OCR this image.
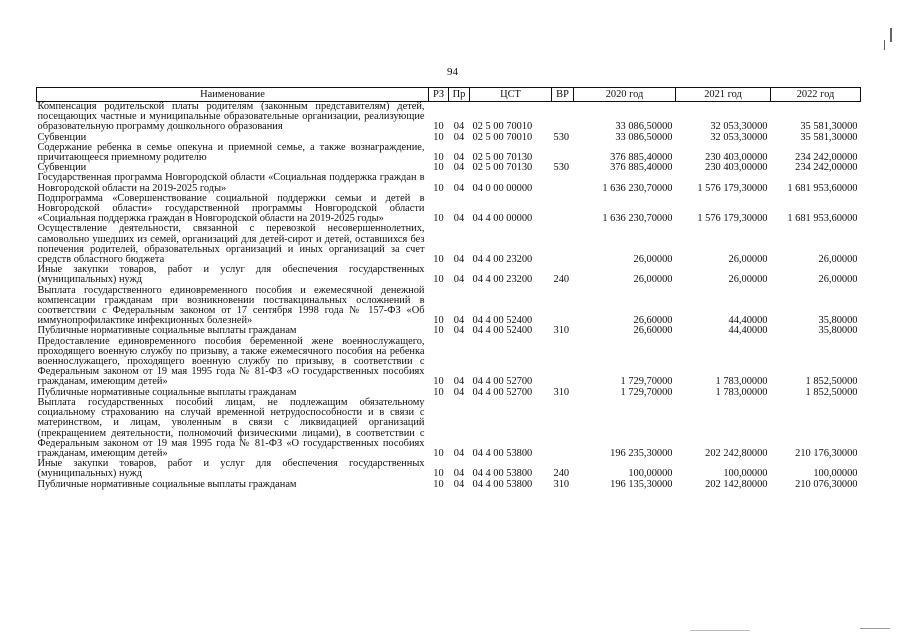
94
Наименование	РЗ	Пр	ЦСТ	ВР	2020 год	2021 год	2022 год
Компенсация родительской платы родителям (законным представителям) детей, посещающих частные и муниципальные образовательные организации, реализующие образовательную программу дошкольного образования	10	04	02 5 00 70010		33 086,50000	32 053,30000	35 581,30000
Субвенции	10	04	02 5 00 70010	530	33 086,50000	32 053,30000	35 581,30000
Содержание ребенка в семье опекуна и приемной семье, а также вознаграждение, причитающееся приемному родителю	10	04	02 5 00 70130		376 885,40000	230 403,00000	234 242,00000
Субвенции	10	04	02 5 00 70130	530	376 885,40000	230 403,00000	234 242,00000
Государственная программа Новгородской области «Социальная поддержка граждан в Новгородской области на 2019-2025 годы»	10	04	04 0 00 00000		1 636 230,70000	1 576 179,30000	1 681 953,60000
Подпрограмма «Совершенствование социальной поддержки семьи и детей в Новгородской области» государственной программы Новгородской области «Социальная поддержка граждан в Новгородской области на 2019-2025 годы»	10	04	04 4 00 00000		1 636 230,70000	1 576 179,30000	1 681 953,60000
Осуществление деятельности, связанной с перевозкой несовершеннолетних, самовольно ушедших из семей, организаций для детей-сирот и детей, оставшихся без попечения родителей, образовательных организаций и иных организаций за счет средств областного бюджета	10	04	04 4 00 23200		26,00000	26,00000	26,00000
Иные закупки товаров, работ и услуг для обеспечения государственных (муниципальных) нужд	10	04	04 4 00 23200	240	26,00000	26,00000	26,00000
Выплата государственного единовременного пособия и ежемесячной денежной компенсации гражданам при возникновении поствакцинальных осложнений в соответствии с Федеральным законом от 17 сентября 1998 года № 157-ФЗ «Об иммунопрофилактике инфекционных болезней»	10	04	04 4 00 52400		26,60000	44,40000	35,80000
Публичные нормативные социальные выплаты гражданам	10	04	04 4 00 52400	310	26,60000	44,40000	35,80000
Предоставление единовременного пособия беременной жене военнослужащего, проходящего военную службу по призыву, а также ежемесячного пособия на ребенка военнослужащего, проходящего военную службу по призыву, в соответствии с Федеральным законом от 19 мая 1995 года № 81-ФЗ «О государственных пособиях гражданам, имеющим детей»	10	04	04 4 00 52700		1 729,70000	1 783,00000	1 852,50000
Публичные нормативные социальные выплаты гражданам	10	04	04 4 00 52700	310	1 729,70000	1 783,00000	1 852,50000
Выплата государственных пособий лицам, не подлежащим обязательному социальному страхованию на случай временной нетрудоспособности и в связи с материнством, и лицам, уволенным в связи с ликвидацией организаций (прекращением деятельности, полномочий физическими лицами), в соответствии с Федеральным законом от 19 мая 1995 года № 81-ФЗ «О государственных пособиях гражданам, имеющим детей»	10	04	04 4 00 53800		196 235,30000	202 242,80000	210 176,30000
Иные закупки товаров, работ и услуг для обеспечения государственных (муниципальных) нужд	10	04	04 4 00 53800	240	100,00000	100,00000	100,00000
Публичные нормативные социальные выплаты гражданам	10	04	04 4 00 53800	310	196 135,30000	202 142,80000	210 076,30000
